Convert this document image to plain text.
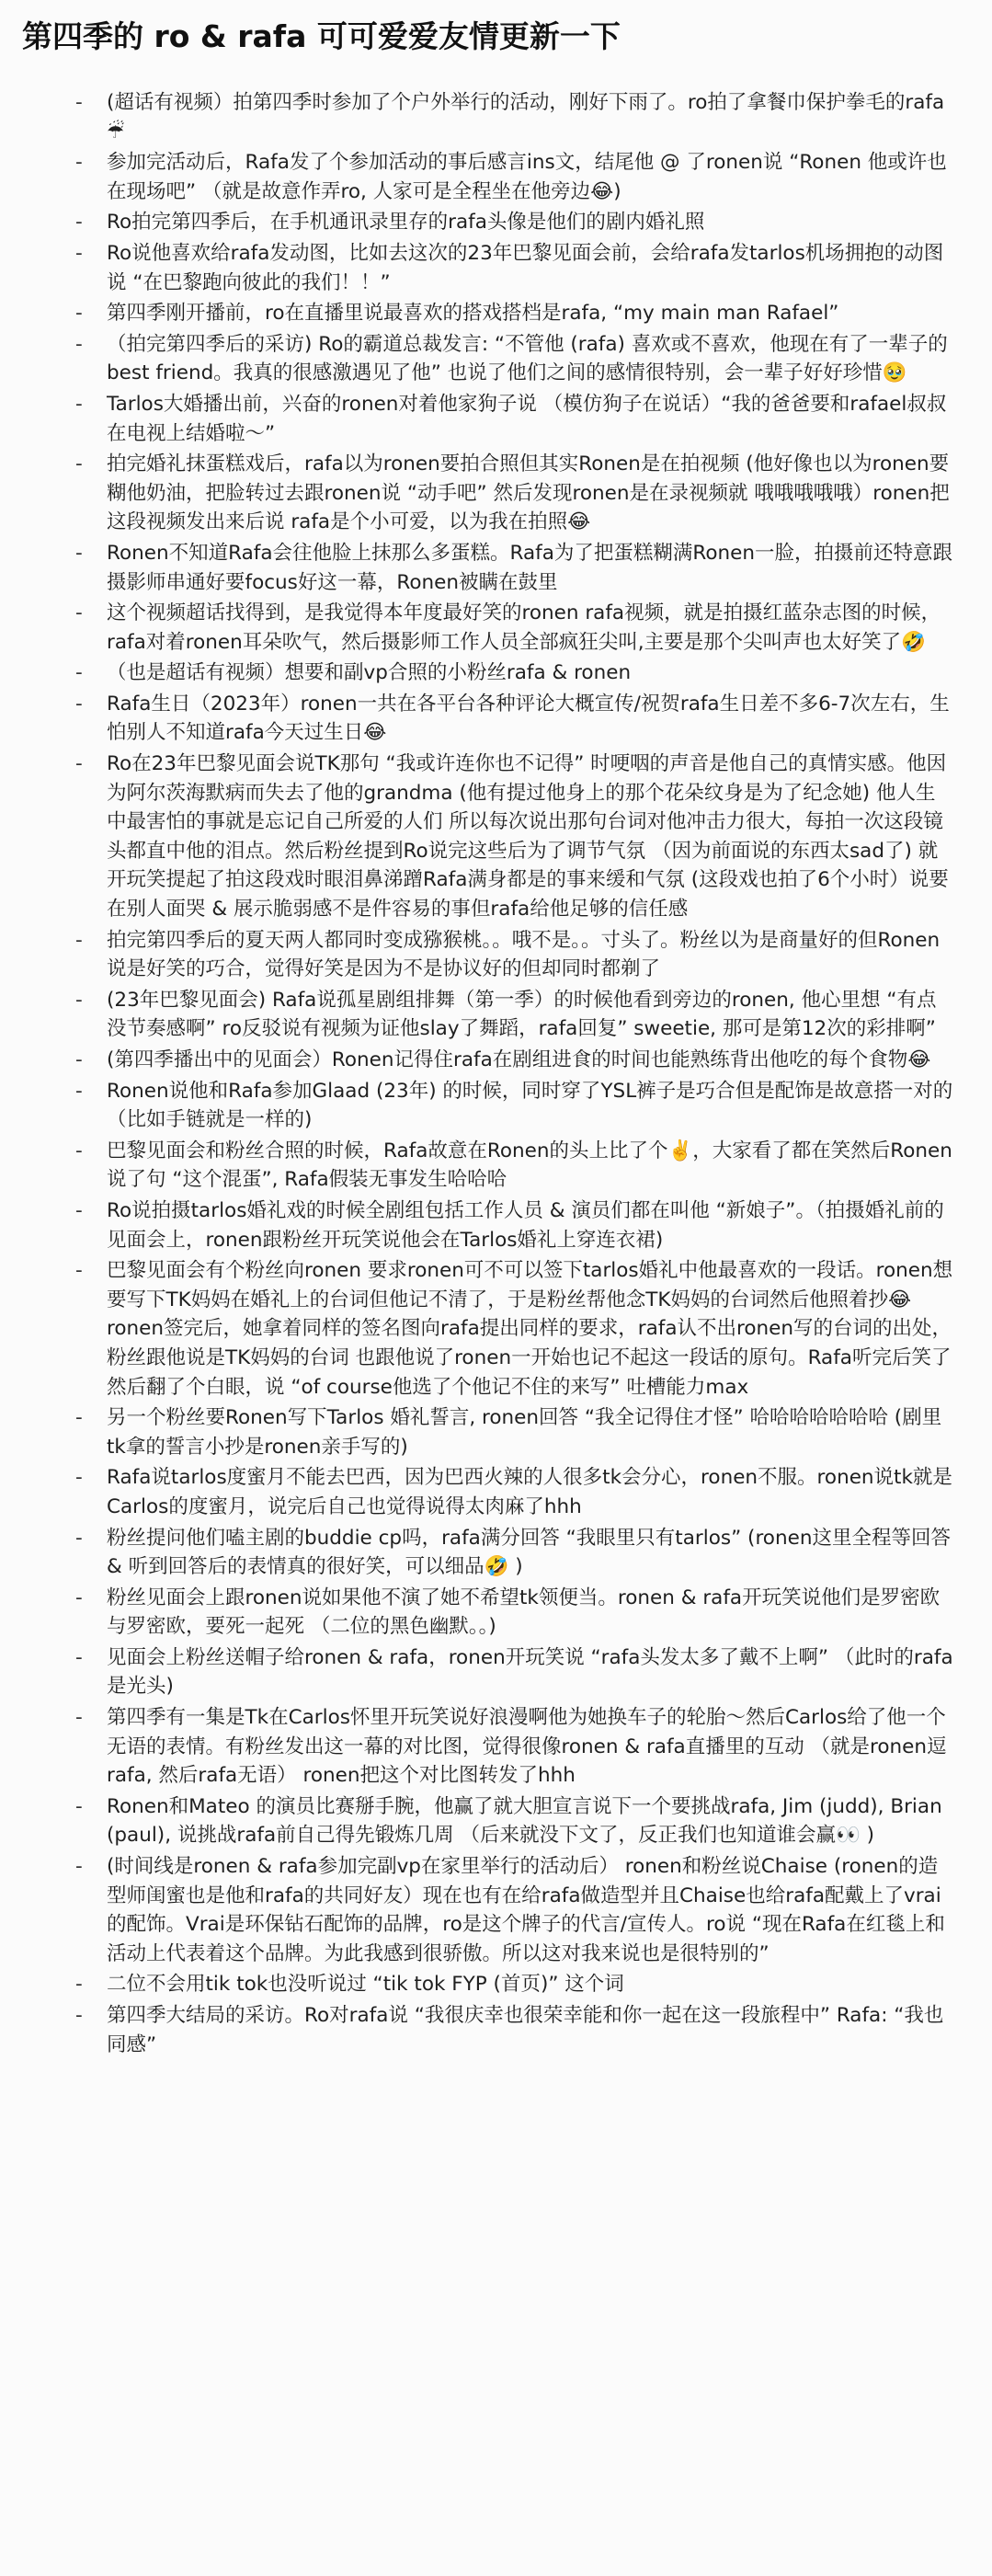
第四季的 ro & rafa 可可爱爱友情更新一下
-	(超话有视频）拍第四季时参加了个户外举行的活动，刚好下雨了。ro拍了拿餐巾保护拳毛的rafa☔
-	参加完活动后，Rafa发了个参加活动的事后感言ins文，结尾他 @ 了ronen说 “Ronen 他或许也在现场吧” （就是故意作弄ro, 人家可是全程坐在他旁边😂)
-	Ro拍完第四季后，在手机通讯录里存的rafa头像是他们的剧内婚礼照
-	Ro说他喜欢给rafa发动图，比如去这次的23年巴黎见面会前，会给rafa发tarlos机场拥抱的动图说 “在巴黎跑向彼此的我们！！”
-	第四季刚开播前，ro在直播里说最喜欢的搭戏搭档是rafa, “my main man Rafael”
-	（拍完第四季后的采访) Ro的霸道总裁发言: “不管他 (rafa) 喜欢或不喜欢，他现在有了一辈子的best friend。我真的很感激遇见了他” 也说了他们之间的感情很特别，会一辈子好好珍惜🥹
-	Tarlos大婚播出前，兴奋的ronen对着他家狗子说 （模仿狗子在说话）“我的爸爸要和rafael叔叔在电视上结婚啦～”
-	拍完婚礼抹蛋糕戏后，rafa以为ronen要拍合照但其实Ronen是在拍视频 (他好像也以为ronen要糊他奶油，把脸转过去跟ronen说 “动手吧” 然后发现ronen是在录视频就 哦哦哦哦哦）ronen把这段视频发出来后说 rafa是个小可爱，以为我在拍照😂
-	Ronen不知道Rafa会往他脸上抹那么多蛋糕。Rafa为了把蛋糕糊满Ronen一脸，拍摄前还特意跟摄影师串通好要focus好这一幕，Ronen被瞒在鼓里
-	这个视频超话找得到，是我觉得本年度最好笑的ronen rafa视频，就是拍摄红蓝杂志图的时候，rafa对着ronen耳朵吹气，然后摄影师工作人员全部疯狂尖叫,主要是那个尖叫声也太好笑了🤣
-	（也是超话有视频）想要和副vp合照的小粉丝rafa & ronen
-	Rafa生日（2023年）ronen一共在各平台各种评论大概宣传/祝贺rafa生日差不多6-7次左右，生怕别人不知道rafa今天过生日😂
-	Ro在23年巴黎见面会说TK那句 “我或许连你也不记得” 时哽咽的声音是他自己的真情实感。他因为阿尔茨海默病而失去了他的grandma (他有提过他身上的那个花朵纹身是为了纪念她) 他人生中最害怕的事就是忘记自己所爱的人们 所以每次说出那句台词对他冲击力很大，每拍一次这段镜头都直中他的泪点。然后粉丝提到Ro说完这些后为了调节气氛 （因为前面说的东西太sad了) 就开玩笑提起了拍这段戏时眼泪鼻涕蹭Rafa满身都是的事来缓和气氛 (这段戏也拍了6个小时）说要在别人面哭 & 展示脆弱感不是件容易的事但rafa给他足够的信任感
-	拍完第四季后的夏天两人都同时变成猕猴桃。。哦不是。。寸头了。粉丝以为是商量好的但Ronen说是好笑的巧合，觉得好笑是因为不是协议好的但却同时都剃了
-	(23年巴黎见面会) Rafa说孤星剧组排舞（第一季）的时候他看到旁边的ronen, 他心里想 “有点没节奏感啊” ro反驳说有视频为证他slay了舞蹈，rafa回复” sweetie, 那可是第12次的彩排啊”
-	(第四季播出中的见面会）Ronen记得住rafa在剧组进食的时间也能熟练背出他吃的每个食物😂
-	Ronen说他和Rafa参加Glaad (23年) 的时候，同时穿了YSL裤子是巧合但是配饰是故意搭一对的 （比如手链就是一样的)
-	巴黎见面会和粉丝合照的时候，Rafa故意在Ronen的头上比了个✌️，大家看了都在笑然后Ronen说了句 “这个混蛋”, Rafa假装无事发生哈哈哈
-	Ro说拍摄tarlos婚礼戏的时候全剧组包括工作人员 & 演员们都在叫他 “新娘子”。（拍摄婚礼前的见面会上，ronen跟粉丝开玩笑说他会在Tarlos婚礼上穿连衣裙)
-	巴黎见面会有个粉丝向ronen 要求ronen可不可以签下tarlos婚礼中他最喜欢的一段话。ronen想要写下TK妈妈在婚礼上的台词但他记不清了，于是粉丝帮他念TK妈妈的台词然后他照着抄😂 ronen签完后，她拿着同样的签名图向rafa提出同样的要求，rafa认不出ronen写的台词的出处，粉丝跟他说是TK妈妈的台词 也跟他说了ronen一开始也记不起这一段话的原句。Rafa听完后笑了然后翻了个白眼，说 “of course他选了个他记不住的来写” 吐槽能力max
-	另一个粉丝要Ronen写下Tarlos 婚礼誓言, ronen回答 “我全记得住才怪” 哈哈哈哈哈哈哈 (剧里tk拿的誓言小抄是ronen亲手写的)
-	Rafa说tarlos度蜜月不能去巴西，因为巴西火辣的人很多tk会分心，ronen不服。ronen说tk就是Carlos的度蜜月，说完后自己也觉得说得太肉麻了hhh
-	粉丝提问他们嗑主剧的buddie cp吗，rafa满分回答 “我眼里只有tarlos” (ronen这里全程等回答 & 听到回答后的表情真的很好笑，可以细品🤣 )
-	粉丝见面会上跟ronen说如果他不演了她不希望tk领便当。ronen & rafa开玩笑说他们是罗密欧与罗密欧，要死一起死 （二位的黑色幽默。。)
-	见面会上粉丝送帽子给ronen & rafa，ronen开玩笑说 “rafa头发太多了戴不上啊” （此时的rafa是光头)
-	第四季有一集是Tk在Carlos怀里开玩笑说好浪漫啊他为她换车子的轮胎～然后Carlos给了他一个无语的表情。有粉丝发出这一幕的对比图，觉得很像ronen & rafa直播里的互动 （就是ronen逗rafa, 然后rafa无语） ronen把这个对比图转发了hhh
-	Ronen和Mateo 的演员比赛掰手腕，他赢了就大胆宣言说下一个要挑战rafa, Jim (judd), Brian (paul), 说挑战rafa前自己得先锻炼几周 （后来就没下文了，反正我们也知道谁会赢👀 )
-	(时间线是ronen & rafa参加完副vp在家里举行的活动后） ronen和粉丝说Chaise (ronen的造型师闺蜜也是他和rafa的共同好友）现在也有在给rafa做造型并且Chaise也给rafa配戴上了vrai的配饰。Vrai是环保钻石配饰的品牌，ro是这个牌子的代言/宣传人。ro说 “现在Rafa在红毯上和活动上代表着这个品牌。为此我感到很骄傲。所以这对我来说也是很特别的”
-	二位不会用tik tok也没听说过 “tik tok FYP (首页)” 这个词
-	第四季大结局的采访。Ro对rafa说 “我很庆幸也很荣幸能和你一起在这一段旅程中” Rafa: “我也同感”
